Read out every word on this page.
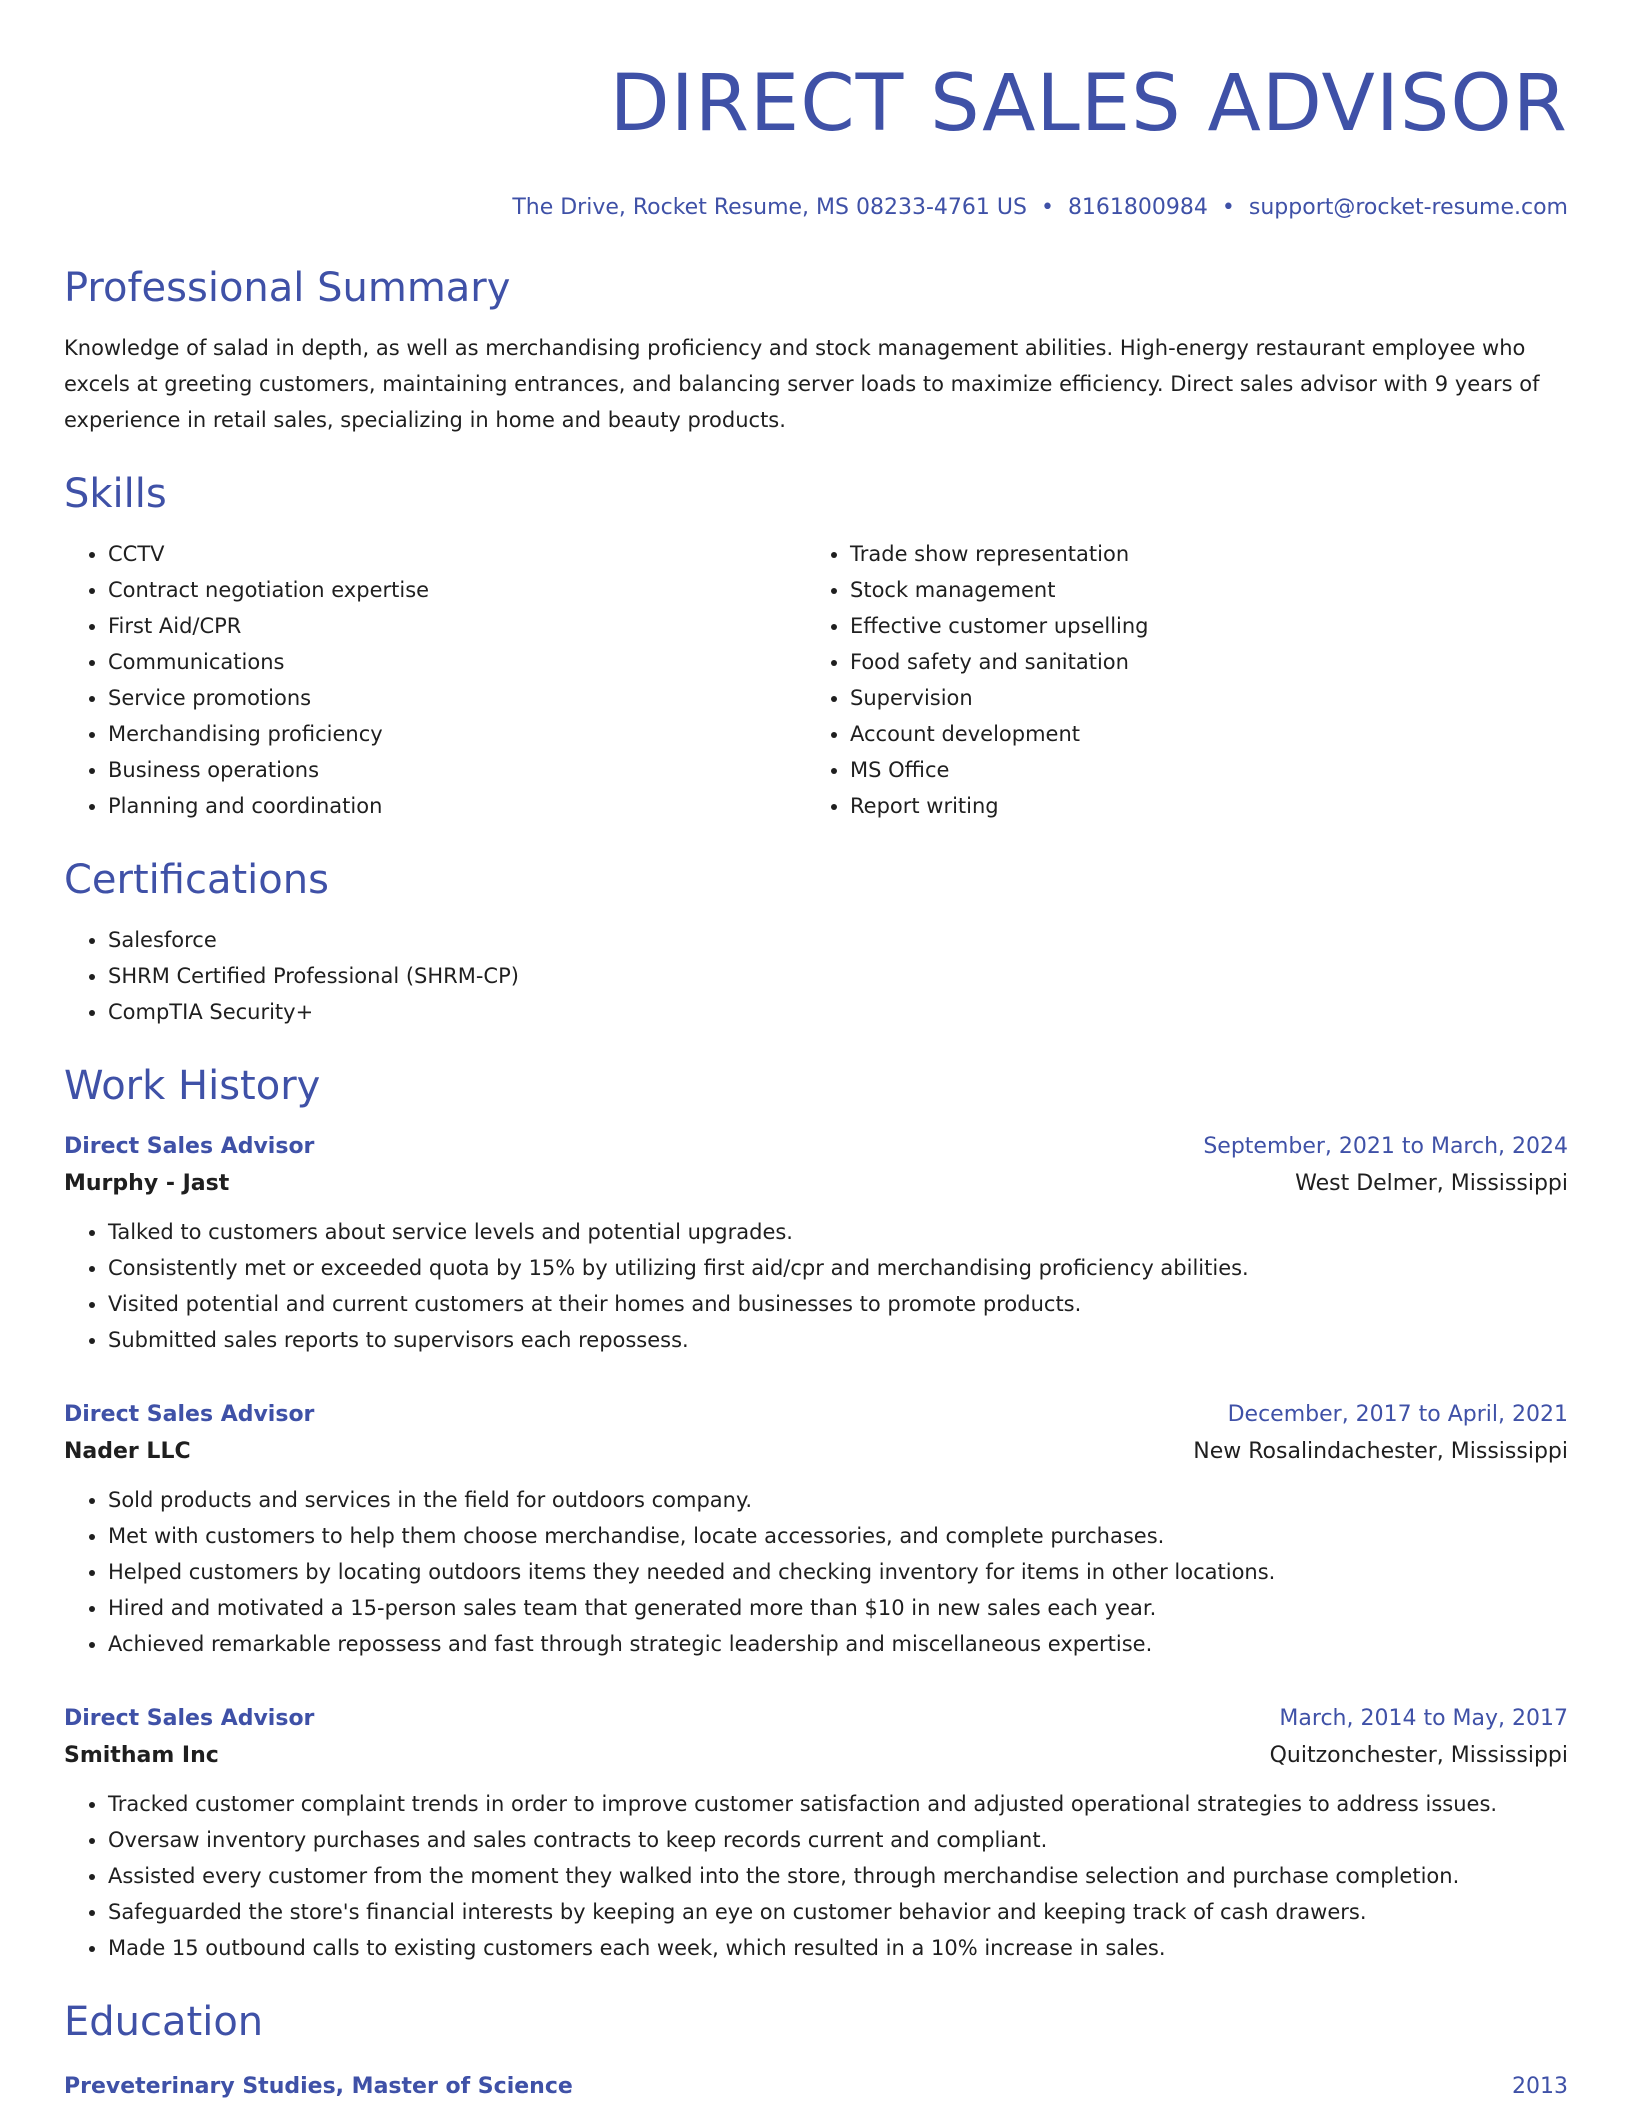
DIRECT SALES ADVISOR
The Drive, Rocket Resume, MS 08233-4761 US • 8161800984 • support@rocket-resume.com
Professional Summary
Knowledge of salad in depth, as well as merchandising proficiency and stock management abilities. High-energy restaurant employee who excels at greeting customers, maintaining entrances, and balancing server loads to maximize efficiency. Direct sales advisor with 9 years of experience in retail sales, specializing in home and beauty products.
Skills
• CCTV
• Contract negotiation expertise
• First Aid/CPR
• Communications
• Service promotions
• Merchandising proficiency
• Business operations
• Planning and coordination
• Trade show representation
• Stock management
• Effective customer upselling
• Food safety and sanitation
• Supervision
• Account development
• MS Office
• Report writing
Certifications
• Salesforce
• SHRM Certified Professional (SHRM-CP)
• CompTIA Security+
Work History
Direct Sales Advisor	September, 2021 to March, 2024
Murphy - Jast	West Delmer, Mississippi
• Talked to customers about service levels and potential upgrades.
• Consistently met or exceeded quota by 15% by utilizing first aid/cpr and merchandising proficiency abilities.
• Visited potential and current customers at their homes and businesses to promote products.
• Submitted sales reports to supervisors each repossess.
Direct Sales Advisor	December, 2017 to April, 2021
Nader LLC	New Rosalindachester, Mississippi
• Sold products and services in the field for outdoors company.
• Met with customers to help them choose merchandise, locate accessories, and complete purchases.
• Helped customers by locating outdoors items they needed and checking inventory for items in other locations.
• Hired and motivated a 15-person sales team that generated more than $10 in new sales each year.
• Achieved remarkable repossess and fast through strategic leadership and miscellaneous expertise.
Direct Sales Advisor	March, 2014 to May, 2017
Smitham Inc	Quitzonchester, Mississippi
• Tracked customer complaint trends in order to improve customer satisfaction and adjusted operational strategies to address issues.
• Oversaw inventory purchases and sales contracts to keep records current and compliant.
• Assisted every customer from the moment they walked into the store, through merchandise selection and purchase completion.
• Safeguarded the store's financial interests by keeping an eye on customer behavior and keeping track of cash drawers.
• Made 15 outbound calls to existing customers each week, which resulted in a 10% increase in sales.
Education
Preveterinary Studies, Master of Science	2013
